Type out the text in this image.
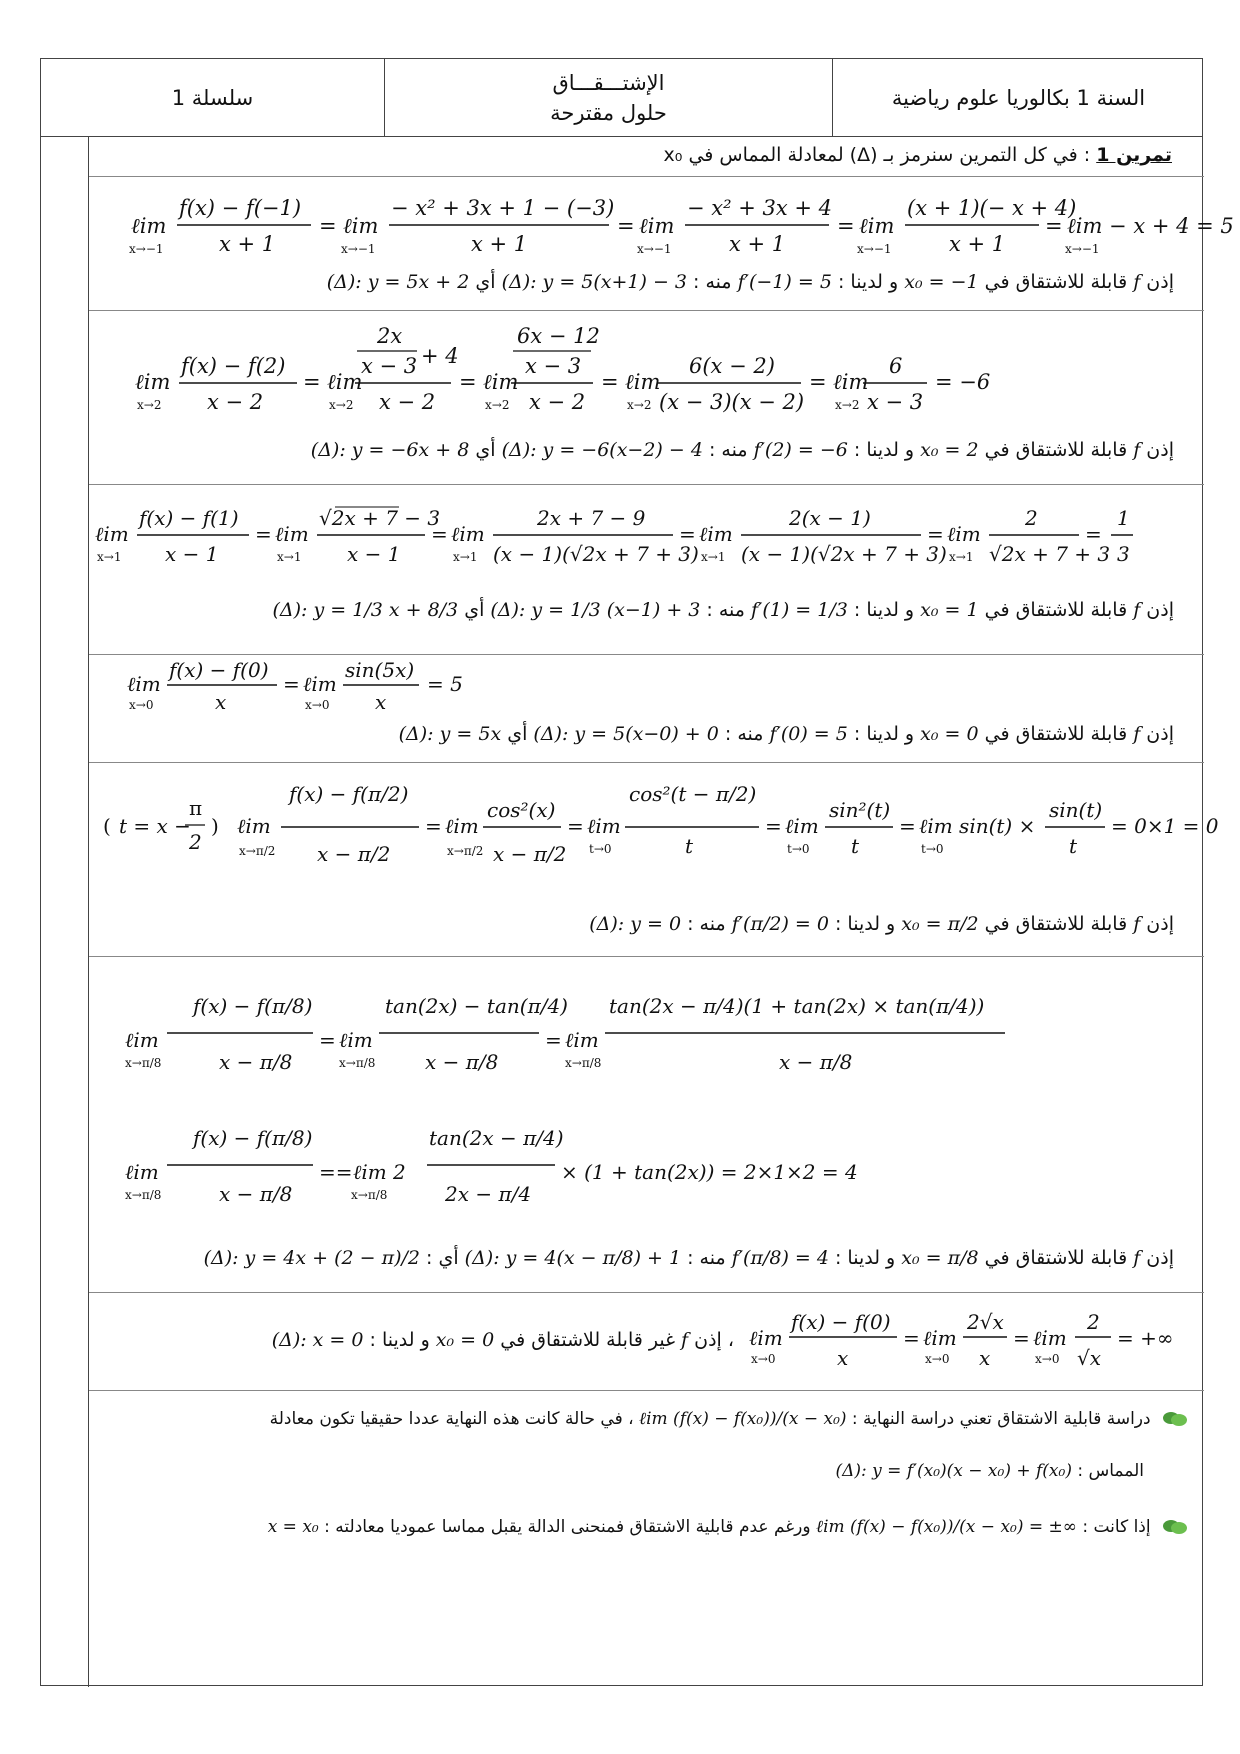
سلسلة 1
الإشتـــقـــاق
حلول مقترحة
السنة 1 بكالوريا علوم رياضية
تمرين 1 : في كل التمرين سنرمز بـ (Δ) لمعادلة المماس في x₀
ℓim
x→−1
f(x) − f(−1)
x + 1
= ℓim
x→−1
− x² + 3x + 1 − (−3)
x + 1
= ℓim
x→−1
− x² + 3x + 4
x + 1
= ℓim
x→−1
(x + 1)(− x + 4)
x + 1
= ℓim − x + 4 = 5
x→−1
إذن f قابلة للاشتقاق في x₀ = −1 و لدينا : f′(−1) = 5 منه : (Δ): y = 5(x+1) − 3 أي (Δ): y = 5x + 2
ℓim
x→2
f(x) − f(2)
x − 2
= ℓim
x→2
2x
x − 3 + 4
x − 2
= ℓim
x→2
6x − 12
x − 3
x − 2
= ℓim
x→2
6(x − 2)
(x − 3)(x − 2)
= ℓim
x→2
6
x − 3
= −6
إذن f قابلة للاشتقاق في x₀ = 2 و لدينا : f′(2) = −6 منه : (Δ): y = −6(x−2) − 4 أي (Δ): y = −6x + 8
ℓim
x→1
f(x) − f(1)
x − 1
= ℓim
x→1
√2x + 7 − 3
x − 1
= ℓim
x→1
2x + 7 − 9
(x − 1)(√2x + 7 + 3)
= ℓim
x→1
2(x − 1)
(x − 1)(√2x + 7 + 3)
= ℓim
x→1
2
√2x + 7 + 3
=
1
3
إذن f قابلة للاشتقاق في x₀ = 1 و لدينا : f′(1) = 1/3 منه : (Δ): y = 1/3 (x−1) + 3 أي (Δ): y = 1/3 x + 8/3
ℓim
x→0
f(x) − f(0)
x
= ℓim
x→0
sin(5x)
x
= 5
إذن f قابلة للاشتقاق في x₀ = 0 و لدينا : f′(0) = 5 منه : (Δ): y = 5(x−0) + 0 أي (Δ): y = 5x
( t = x −
π
2
) ℓim
x→π/2
f(x) − f(π/2)
x − π/2
= ℓim
x→π/2
cos²(x)
x − π/2
= ℓim
t→0
cos²(t − π/2)
t
= ℓim
t→0
sin²(t)
t
= ℓim sin(t) ×
t→0
sin(t)
t
= 0×1 = 0
إذن f قابلة للاشتقاق في x₀ = π/2 و لدينا : f′(π/2) = 0 منه : (Δ): y = 0
ℓim
x→π/8
f(x) − f(π/8)
x − π/8
= ℓim
x→π/8
tan(2x) − tan(π/4)
x − π/8
= ℓim
x→π/8
tan(2x − π/4)(1 + tan(2x) × tan(π/4))
x − π/8
ℓim
x→π/8
f(x) − f(π/8)
x − π/8
== ℓim 2
x→π/8
tan(2x − π/4)
2x − π/4
× (1 + tan(2x)) = 2×1×2 = 4
إذن f قابلة للاشتقاق في x₀ = π/8 و لدينا : f′(π/8) = 4 منه : (Δ): y = 4(x − π/8) + 1 أي : (Δ): y = 4x + (2 − π)/2
ℓim
x→0
f(x) − f(0)
x
= ℓim
x→0
2√x
x
= ℓim
x→0
2
√x
= +∞
، إذن f غير قابلة للاشتقاق في x₀ = 0 و لدينا : (Δ): x = 0
دراسة قابلية الاشتقاق تعني دراسة النهاية : ℓim (f(x) − f(x₀))/(x − x₀) ، في حالة كانت هذه النهاية عددا حقيقيا تكون معادلة
المماس : (Δ): y = f′(x₀)(x − x₀) + f(x₀)
إذا كانت : ℓim (f(x) − f(x₀))/(x − x₀) = ±∞ ورغم عدم قابلية الاشتقاق فمنحنى الدالة يقبل مماسا عموديا معادلته : x = x₀
